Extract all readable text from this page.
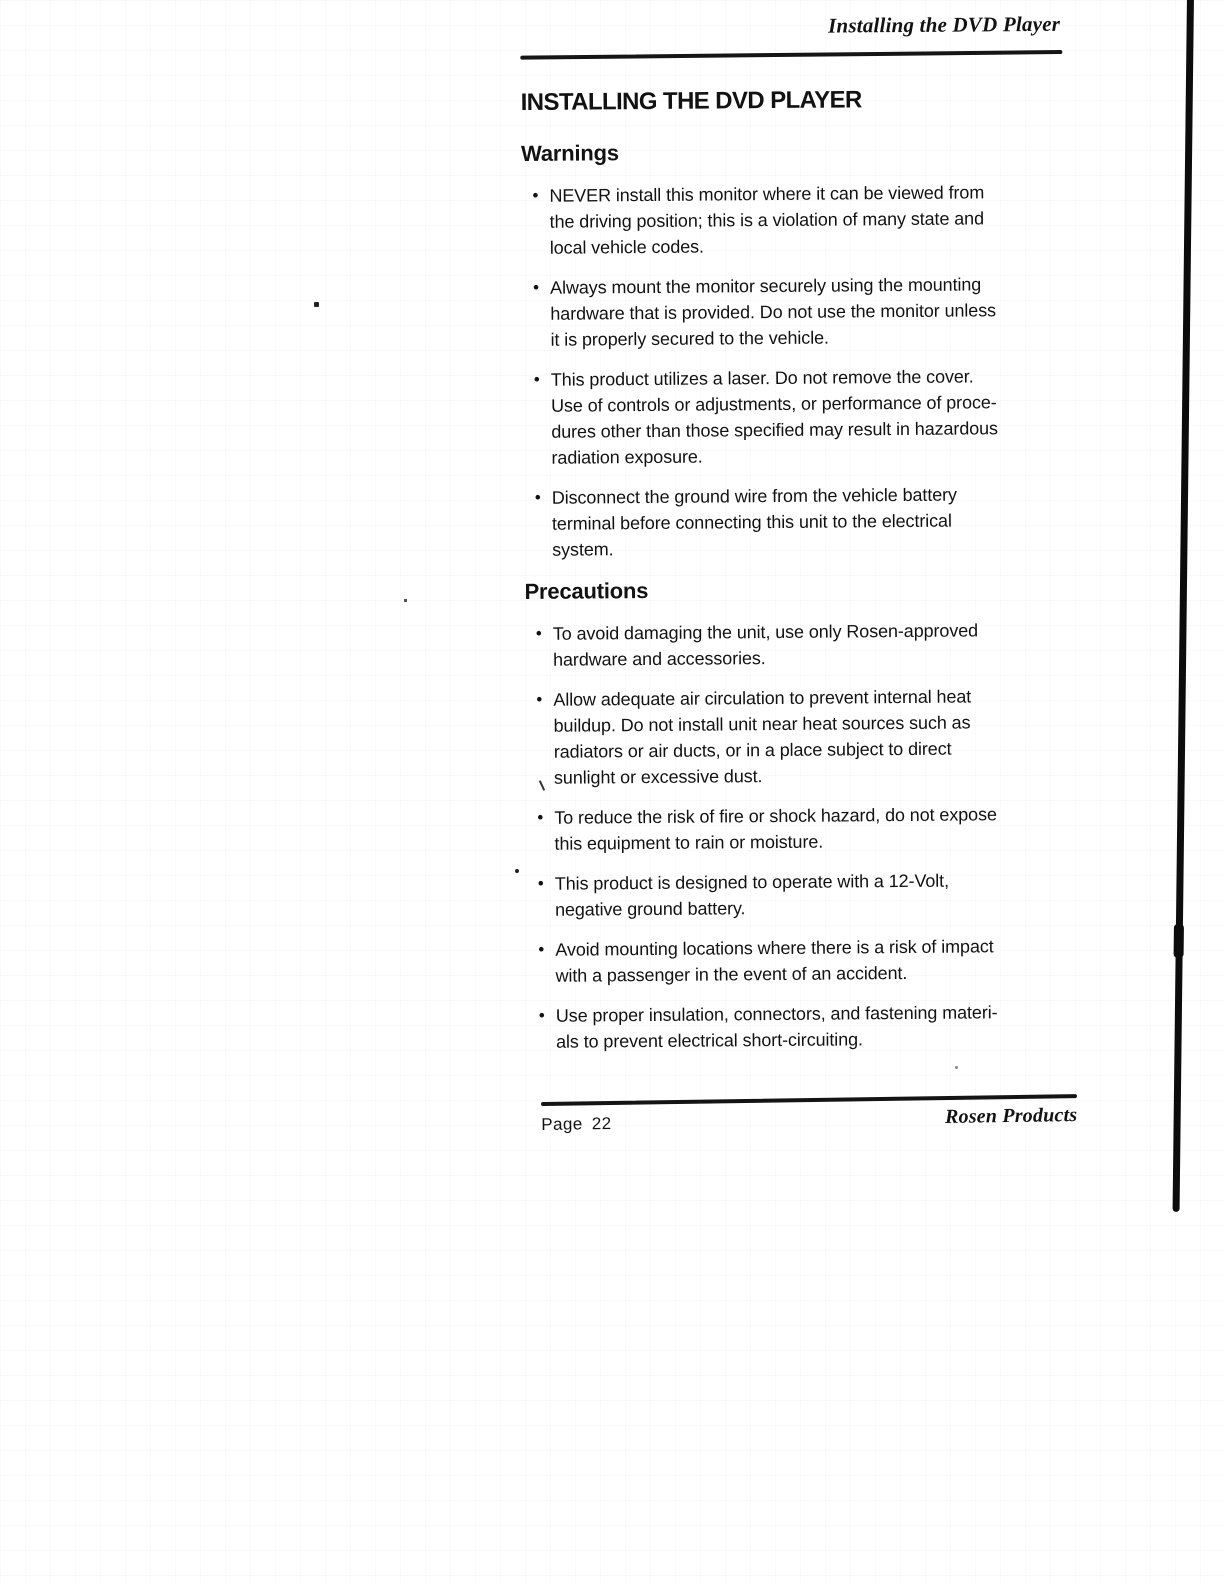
Installing the DVD Player
INSTALLING THE DVD PLAYER
Warnings
• NEVER install this monitor where it can be viewed from
the driving position; this is a violation of many state and
local vehicle codes.
• Always mount the monitor securely using the mounting
hardware that is provided. Do not use the monitor unless
it is properly secured to the vehicle.
• This product utilizes a laser. Do not remove the cover.
Use of controls or adjustments, or performance of proce-
dures other than those specified may result in hazardous
radiation exposure.
• Disconnect the ground wire from the vehicle battery
terminal before connecting this unit to the electrical
system.
Precautions
• To avoid damaging the unit, use only Rosen-approved
hardware and accessories.
• Allow adequate air circulation to prevent internal heat
buildup. Do not install unit near heat sources such as
radiators or air ducts, or in a place subject to direct
sunlight or excessive dust.
• To reduce the risk of fire or shock hazard, do not expose
this equipment to rain or moisture.
• This product is designed to operate with a 12-Volt,
negative ground battery.
• Avoid mounting locations where there is a risk of impact
with a passenger in the event of an accident.
• Use proper insulation, connectors, and fastening materi-
als to prevent electrical short-circuiting.
Page 22	Rosen Products
